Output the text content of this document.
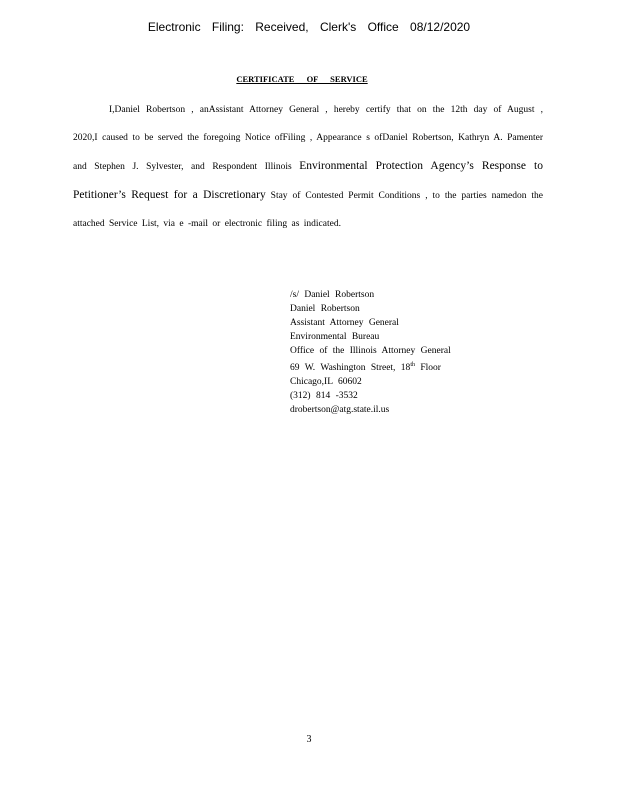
Electronic Filing: Received, Clerk's Office 08/12/2020
CERTIFICATE OF SERVICE

I,Daniel Robertson , anAssistant Attorney General , hereby certify that on the 12th day of August , 2020,I caused to be served the foregoing Notice ofFiling , Appearance s ofDaniel Robertson, Kathryn A. Pamenter and Stephen J. Sylvester, and Respondent Illinois Environmental Protection Agency’s Response to Petitioner’s Request for a Discretionary Stay of Contested Permit Conditions , to the parties namedon the attached Service List, via e -mail or electronic filing as indicated.

/s/ Daniel Robertson
Daniel Robertson
Assistant Attorney General
Environmental Bureau
Office of the Illinois Attorney General
69 W. Washington Street, 18th Floor
Chicago,IL 60602
(312) 814 -3532
drobertson@atg.state.il.us
3
